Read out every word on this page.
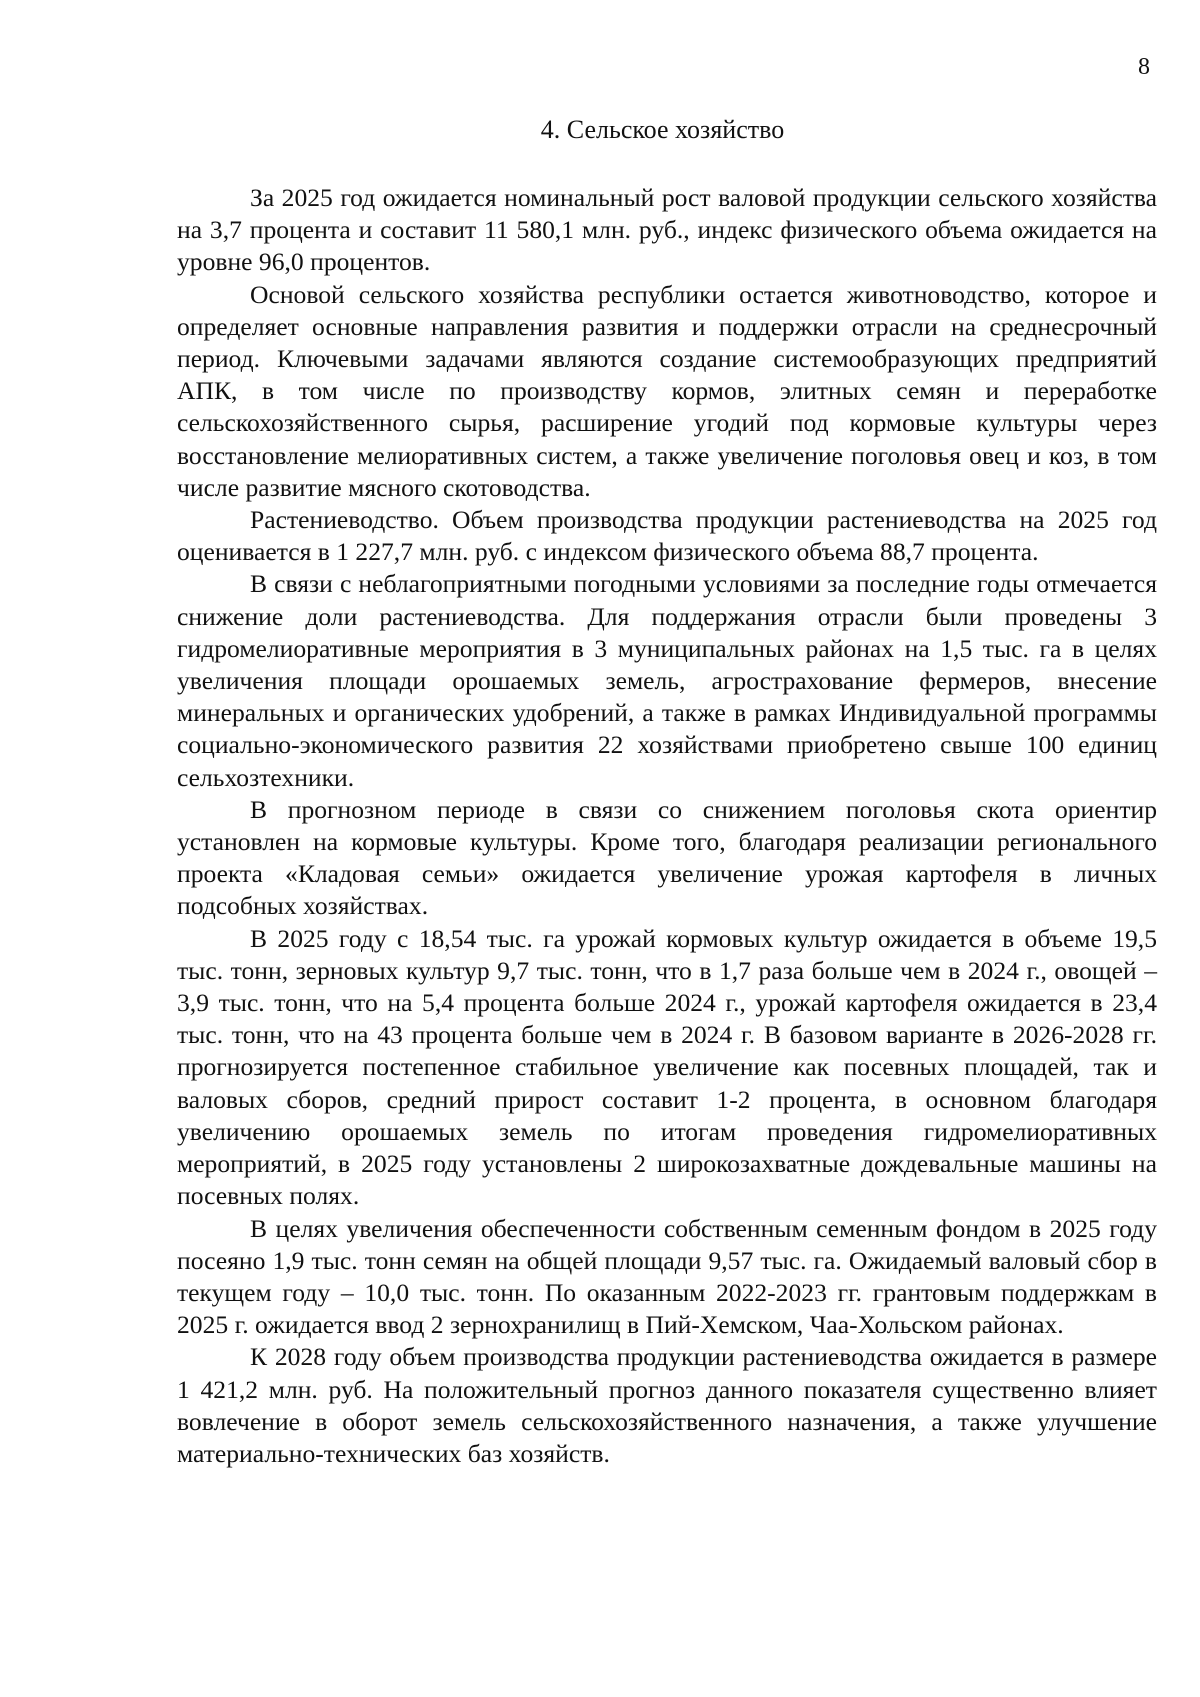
8
4. Сельское хозяйство

За 2025 год ожидается номинальный рост валовой продукции сельского хозяйства на 3,7 процента и составит 11 580,1 млн. руб., индекс физического объема ожидается на уровне 96,0 процентов.

Основой сельского хозяйства республики остается животноводство, которое и определяет основные направления развития и поддержки отрасли на среднесрочный период. Ключевыми задачами являются создание системообразующих предприятий АПК, в том числе по производству кормов, элитных семян и переработке сельскохозяйственного сырья, расширение угодий под кормовые культуры через восстановление мелиоративных систем, а также увеличение поголовья овец и коз, в том числе развитие мясного скотоводства.

Растениеводство. Объем производства продукции растениеводства на 2025 год оценивается в 1 227,7 млн. руб. с индексом физического объема 88,7 процента.

В связи с неблагоприятными погодными условиями за последние годы отмечается снижение доли растениеводства. Для поддержания отрасли были проведены 3 гидромелиоративные мероприятия в 3 муниципальных районах на 1,5 тыс. га в целях увеличения площади орошаемых земель, агрострахование фермеров, внесение минеральных и органических удобрений, а также в рамках Индивидуальной программы социально-экономического развития 22 хозяйствами приобретено свыше 100 единиц сельхозтехники.

В прогнозном периоде в связи со снижением поголовья скота ориентир установлен на кормовые культуры. Кроме того, благодаря реализации регионального проекта «Кладовая семьи» ожидается увеличение урожая картофеля в личных подсобных хозяйствах.

В 2025 году с 18,54 тыс. га урожай кормовых культур ожидается в объеме 19,5 тыс. тонн, зерновых культур 9,7 тыс. тонн, что в 1,7 раза больше чем в 2024 г., овощей – 3,9 тыс. тонн, что на 5,4 процента больше 2024 г., урожай картофеля ожидается в 23,4 тыс. тонн, что на 43 процента больше чем в 2024 г. В базовом варианте в 2026-2028 гг. прогнозируется постепенное стабильное увеличение как посевных площадей, так и валовых сборов, средний прирост составит 1-2 процента, в основном благодаря увеличению орошаемых земель по итогам проведения гидромелиоративных мероприятий, в 2025 году установлены 2 широкозахватные дождевальные машины на посевных полях.

В целях увеличения обеспеченности собственным семенным фондом в 2025 году посеяно 1,9 тыс. тонн семян на общей площади 9,57 тыс. га. Ожидаемый валовый сбор в текущем году – 10,0 тыс. тонн. По оказанным 2022-2023 гг. грантовым поддержкам в 2025 г. ожидается ввод 2 зернохранилищ в Пий-Хемском, Чаа-Хольском районах.

К 2028 году объем производства продукции растениеводства ожидается в размере 1 421,2 млн. руб. На положительный прогноз данного показателя существенно влияет вовлечение в оборот земель сельскохозяйственного назначения, а также улучшение материально-технических баз хозяйств.
